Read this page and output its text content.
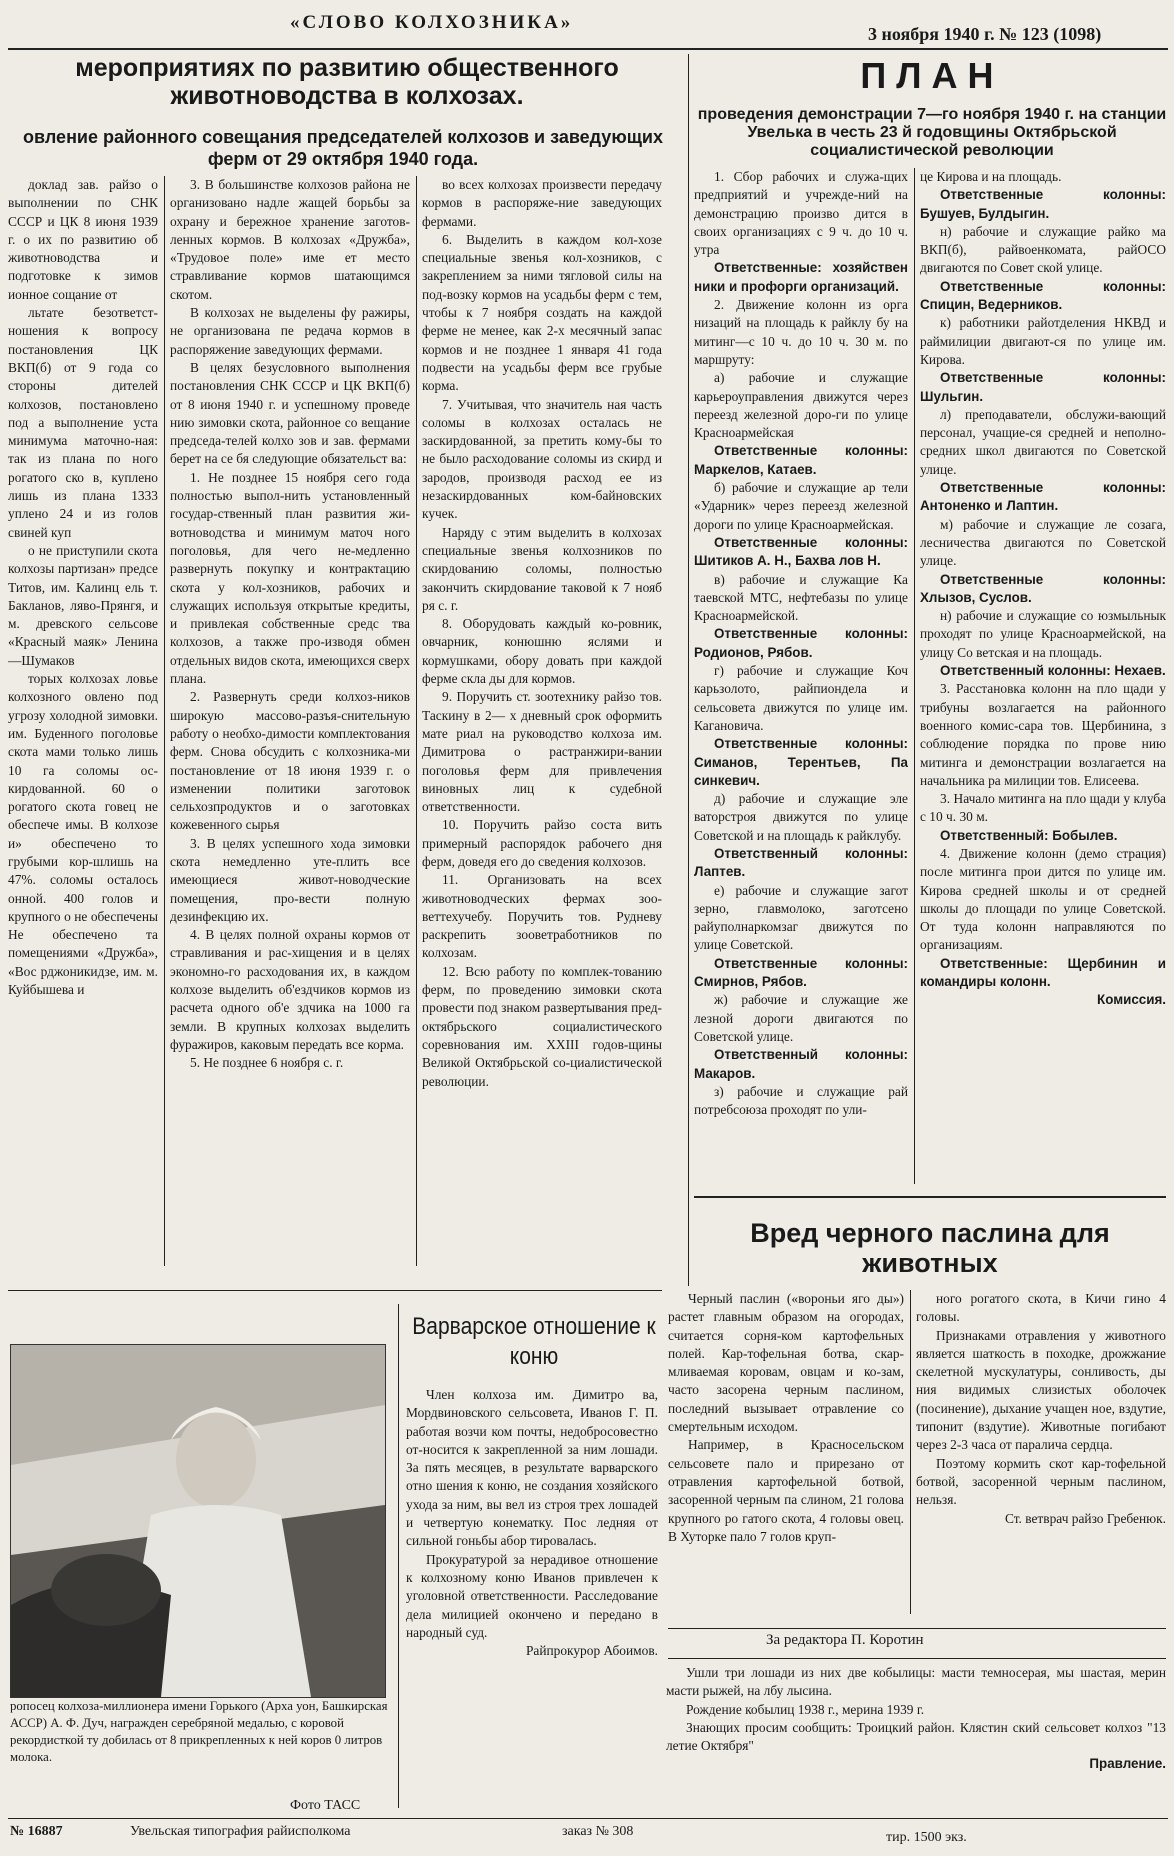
«СЛОВО КОЛХОЗНИКА»
3 ноября 1940 г. № 123 (1098)
мероприятиях по развитию общественного животноводства в колхозах.
овление районного совещания председателей колхозов и заведующих ферм от 29 октября 1940 года.

доклад зав. райзо о выполнении по СНК СССР и ЦК 8 июня 1939 г. о их по развитию об животноводства и подготовке к зимов ионное сощание от

льтате безответст-ношения к вопросу постановления ЦК ВКП(б) от 9 года со стороны дителей колхозов, постановлено под а выполнение уста минимума маточно-ная: так из плана по ного рогатого ско в, куплено лишь из плана 1333 уплено 24 и из голов свиней куп

о не приступили скота колхозы партизан» предсе Титов, им. Калинц ель т. Бакланов, ляво-Прянгя, и м. древского сельсове «Красный маяк» Ленина—Шумаков

торых колхозах ловье колхозного овлено под угрозу холодной зимовки. им. Буденного поголовье скота мами только лишь 10 га соломы ос-кирдованной. 60 о рогатого скота говец не обеспече имы. В колхозе и» обеспечено то грубыми кор-шлишь на 47%. соломы осталось онной. 400 голов и крупного о не обеспечены Не обеспечено та помещениями «Дружба», «Вос рджоникидзе, им. м. Куйбышева и

3. В большинстве колхозов района не организовано надле жащей борьбы за охрану и бережное хранение заготов-ленных кормов. В колхозах «Дружба», «Трудовое поле» име ет место стравливание кормов шатающимся скотом.

В колхозах не выделены фу ражиры, не организована пе редача кормов в распоряжение заведующих фермами.

В целях безусловного выполнения постановления СНК СССР и ЦК ВКП(б) от 8 июня 1940 г. и успешному проведе нию зимовки скота, районное со вещание председа-телей колхо зов и зав. фермами берет на се бя следующие обязательст ва:

1. Не позднее 15 ноября сего года полностью выпол-нить установленный государ-ственный план развития жи-вотноводства и минимум маточ ного поголовья, для чего не-медленно развернуть покупку и контрактацию скота у кол-хозников, рабочих и служащих используя открытые кредиты, и привлекая собственные средс тва колхозов, а также про-изводя обмен отдельных видов скота, имеющихся сверх плана.

2. Развернуть среди колхоз-ников широкую массово-разъя-снительную работу о необхо-димости комплектования ферм. Снова обсудить с колхозника-ми постановление от 18 июня 1939 г. о изменении политики заготовок сельхозпродуктов и о заготовках кожевенного сырья

3. В целях успешного хода зимовки скота немедленно уте-плить все имеющиеся живот-новодческие помещения, про-вести полную дезинфекцию их.

4. В целях полной охраны кормов от стравливания и рас-хищения и в целях экономно-го расходования их, в каждом колхозе выделить об'ездчиков кормов из расчета одного об'е здчика на 1000 га земли. В крупных колхозах выделить фуражиров, каковым передать все корма.

5. Не позднее 6 ноября с. г.

во всех колхозах произвести передачу кормов в распоряже-ние заведующих фермами.

6. Выделить в каждом кол-хозе специальные звенья кол-хозников, с закреплением за ними тягловой силы на под-возку кормов на усадьбы ферм с тем, чтобы к 7 ноября создать на каждой ферме не менее, как 2-х месячный запас кормов и не позднее 1 января 41 года подвести на усадьбы ферм все грубые корма.

7. Учитывая, что значитель ная часть соломы в колхозах осталась не заскирдованной, за претить кому-бы то не было расходование соломы из скирд и зародов, производя расход ее из незаскирдованных ком-байновских кучек.

Наряду с этим выделить в колхозах специальные звенья колхозников по скирдованию соломы, полностью закончить скирдование таковой к 7 нояб ря с. г.

8. Оборудовать каждый ко-ровник, овчарник, конюшню яслями и кормушками, обору довать при каждой ферме скла ды для кормов.

9. Поручить ст. зоотехнику райзо тов. Таскину в 2— х дневный срок оформить мате риал на руководство колхоза им. Димитрова о растранжири-вании поголовья ферм для привлечения виновных лиц к судебной ответственности.

10. Поручить райзо соста вить примерный распорядок рабочего дня ферм, доведя его до сведения колхозов.

11. Организовать на всех животноводческих фермах зоо-веттехучебу. Поручить тов. Рудневу раскрепить зооветработников по колхозам.

12. Всю работу по комплек-тованию ферм, по проведению зимовки скота провести под знаком развертывания пред-октябрьского социалистического соревнования им. XXIII годов-щины Великой Октябрьской со-циалистической революции.

ПЛАН
проведения демонстрации 7—го ноября 1940 г. на станции Увелька в честь 23 й годовщины Октябрьской социалистической революции

1. Сбор рабочих и служа-щих предприятий и учрежде-ний на демонстрацию произво дится в своих организациях с 9 ч. до 10 ч. утра

Ответственные: хозяйствен ники и профорги организаций.

2. Движение колонн из орга низаций на площадь к райклу бу на митинг—с 10 ч. до 10 ч. 30 м. по маршруту:

а) рабочие и служащие карьероуправления движутся через переезд железной доро-ги по улице Красноармейская

Ответственные колонны: Маркелов, Катаев.

б) рабочие и служащие ар тели «Ударник» через переезд железной дороги по улице Красноармейская.

Ответственные колонны: Шитиков А. Н., Бахва лов Н.

в) рабочие и служащие Ка таевской МТС, нефтебазы по улице Красноармейской.

Ответственные колонны: Родионов, Рябов.

г) рабочие и служащие Коч карьзолото, райпиондела и сельсовета движутся по улице им. Кагановича.

Ответственные колонны: Симанов, Терентьев, Па синкевич.

д) рабочие и служащие эле ваторстроя движутся по улице Советской и на площадь к райклубу.

Ответственный колонны: Лаптев.

е) рабочие и служащие загот зерно, главмолоко, заготсено райуполнаркомзаг движутся по улице Советской.

Ответственные колонны: Смирнов, Рябов.

ж) рабочие и служащие же лезной дороги двигаются по Советской улице.

Ответственный колонны: Макаров.

з) рабочие и служащие рай потребсоюза проходят по ули-

це Кирова и на площадь.

Ответственные колонны: Бушуев, Булдыгин.

н) рабочие и служащие райко ма ВКП(б), райвоенкомата, райОСО двигаются по Совет ской улице.

Ответственные колонны: Спицин, Ведерников.

к) работники райотделения НКВД и раймилиции двигают-ся по улице им. Кирова.

Ответственные колонны: Шульгин.

л) преподаватели, обслужи-вающий персонал, учащие-ся средней и неполно-средних школ двигаются по Советской улице.

Ответственные колонны: Антоненко и Лаптин.

м) рабочие и служащие ле созага, лесничества двигаются по Советской улице.

Ответственные колонны: Хлызов, Суслов.

н) рабочие и служащие со юзмыльнык проходят по улице Красноармейской, на улицу Со ветская и на площадь.

Ответственный колонны: Нехаев.

3. Расстановка колонн на пло щади у трибуны возлагается на районного военного комис-сара тов. Щербинина, з соблюдение порядка по прове нию митинга и демонстрации возлагается на начальника ра милиции тов. Елисеева.

3. Начало митинга на пло щади у клуба с 10 ч. 30 м.

Ответственный: Бобылев.

4. Движение колонн (демо страция) после митинга прои дится по улице им. Кирова средней школы и от средней школы до площади по улице Советской. От туда колонн направляются по организациям.

Ответственные: Щербинин и командиры колонн.

Комиссия.

Вред черного паслина для животных

Черный паслин («вороньи яго ды») растет главным образом на огородах, считается сорня-ком картофельных полей. Кар-тофельная ботва, скар-мливаемая коровам, овцам и ко-зам, часто засорена черным паслином, последний вызывает отравление со смертельным исходом.

Например, в Красносельском сельсовете пало и прирезано от отравления картофельной ботвой, засоренной черным па слином, 21 голова крупного ро гатого скота, 4 головы овец. В Хуторке пало 7 голов круп-

ного рогатого скота, в Кичи гино 4 головы.

Признаками отравления у животного является шаткость в походке, дрожжание скелетной мускулатуры, сонливость, ды ния видимых слизистых оболочек (посинение), дыхание учащен ное, вздутие, типонит (вздутие). Животные погибают через 2-3 часа от паралича сердца.

Поэтому кормить скот кар-тофельной ботвой, засоренной черным паслином, нельзя.

Ст. ветврач райзо Гребенюк.

За редактора П. Коротин

Ушли три лошади из них две кобылицы: масти темносерая, мы шастая, мерин масти рыжей, на лбу лысина.

Рождение кобылиц 1938 г., мерина 1939 г.

Знающих просим сообщить: Троицкий район. Клястин ский сельсовет колхоз "13 летие Октября"

Правление.

ропосец колхоза-миллионера имени Горького (Арха уон, Башкирская АССР) А. Ф. Дуч, награжден серебряной медалью, с коровой рекордисткой ту добилась от 8 прикрепленных к ней коров 0 литров молока.
Фото ТАСС
Варварское отношение к коню

Член колхоза им. Димитро ва, Мордвиновского сельсовета, Иванов Г. П. работая возчи ком почты, недобросовестно от-носится к закрепленной за ним лошади. За пять месяцев, в результате варварского отно шения к коню, не создания хозяйского ухода за ним, вы вел из строя трех лошадей и четвертую конематку. Пос ледняя от сильной гоньбы абор тировалась.

Прокуратурой за нерадивое отношение к колхозному коню Иванов привлечен к уголовной ответственности. Расследование дела милицией окончено и передано в народный суд.

Райпрокурор Абоимов.

№ 16887	Увельская типография райисполкома	заказ № 308	тир. 1500 экз.
